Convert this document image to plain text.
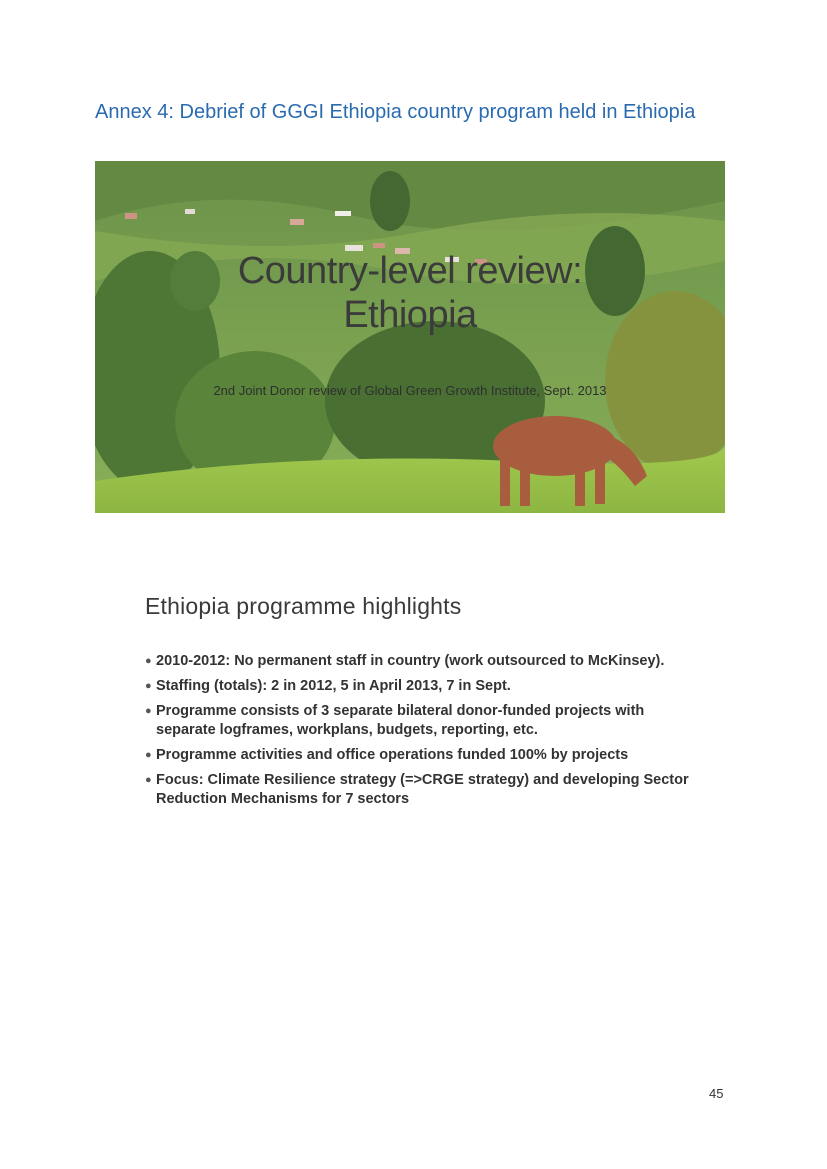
Annex 4: Debrief of GGGI Ethiopia country program held in Ethiopia
Country-level review:
Ethiopia
2nd Joint Donor review of Global Green Growth Institute, Sept. 2013
Ethiopia programme highlights
● 2010-2012: No permanent staff in country (work outsourced to McKinsey).
● Staffing (totals): 2 in 2012, 5 in April 2013, 7 in Sept.
● Programme consists of 3 separate bilateral donor-funded projects with separate logframes, workplans, budgets, reporting, etc.
● Programme activities and office operations funded 100% by projects
● Focus: Climate Resilience strategy (=>CRGE strategy) and developing Sector Reduction Mechanisms for 7 sectors
45
